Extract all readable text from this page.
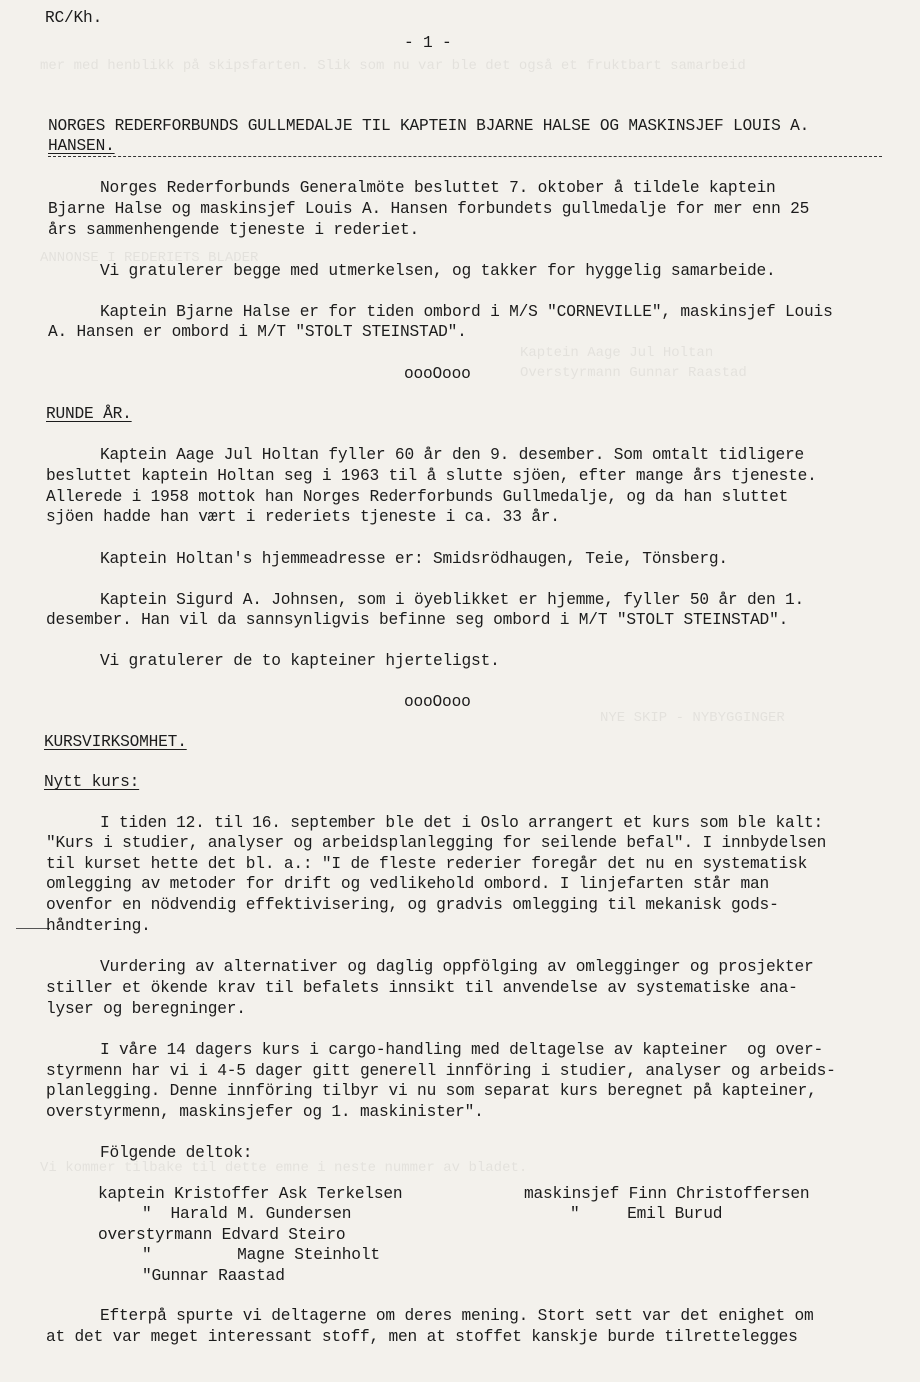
mer med henblikk på skipsfarten. Slik som nu var ble det også et fruktbart samarbeid
ANNONSE I REDERIETS BLADER
Kaptein Aage Jul Holtan
Overstyrmann Gunnar Raastad
NYE SKIP - NYBYGGINGER
Vi kommer tilbake til dette emne i neste nummer av bladet.
RC/Kh.
- 1 -
NORGES REDERFORBUNDS GULLMEDALJE TIL KAPTEIN BJARNE HALSE OG MASKINSJEF LOUIS A.
HANSEN.
Norges Rederforbunds Generalmöte besluttet 7. oktober å tildele kaptein
Bjarne Halse og maskinsjef Louis A. Hansen forbundets gullmedalje for mer enn 25
års sammenhengende tjeneste i rederiet.
Vi gratulerer begge med utmerkelsen, og takker for hyggelig samarbeide.
Kaptein Bjarne Halse er for tiden ombord i M/S "CORNEVILLE", maskinsjef Louis
A. Hansen er ombord i M/T "STOLT STEINSTAD".
oooOooo
RUNDE ÅR.
Kaptein Aage Jul Holtan fyller 60 år den 9. desember. Som omtalt tidligere
besluttet kaptein Holtan seg i 1963 til å slutte sjöen, efter mange års tjeneste.
Allerede i 1958 mottok han Norges Rederforbunds Gullmedalje, og da han sluttet
sjöen hadde han vært i rederiets tjeneste i ca. 33 år.
Kaptein Holtan's hjemmeadresse er: Smidsrödhaugen, Teie, Tönsberg.
Kaptein Sigurd A. Johnsen, som i öyeblikket er hjemme, fyller 50 år den 1.
desember. Han vil da sannsynligvis befinne seg ombord i M/T "STOLT STEINSTAD".
Vi gratulerer de to kapteiner hjerteligst.
oooOooo
KURSVIRKSOMHET.
Nytt kurs:
I tiden 12. til 16. september ble det i Oslo arrangert et kurs som ble kalt:
"Kurs i studier, analyser og arbeidsplanlegging for seilende befal". I innbydelsen
til kurset hette det bl. a.: "I de fleste rederier foregår det nu en systematisk
omlegging av metoder for drift og vedlikehold ombord. I linjefarten står man
ovenfor en nödvendig effektivisering, og gradvis omlegging til mekanisk gods-
håndtering.
Vurdering av alternativer og daglig oppfölging av omlegginger og prosjekter
stiller et ökende krav til befalets innsikt til anvendelse av systematiske ana-
lyser og beregninger.
I våre 14 dagers kurs i cargo-handling med deltagelse av kapteiner  og over-
styrmenn har vi i 4-5 dager gitt generell innföring i studier, analyser og arbeids-
planlegging. Denne innföring tilbyr vi nu som separat kurs beregnet på kapteiner,
overstyrmenn, maskinsjefer og 1. maskinister".
Fölgende deltok:
kaptein Kristoffer Ask Terkelsen
"  Harald M. Gundersen
overstyrmann Edvard Steiro
"         Magne Steinholt
"Gunnar Raastad
maskinsjef Finn Christoffersen
"     Emil Burud
Efterpå spurte vi deltagerne om deres mening. Stort sett var det enighet om
at det var meget interessant stoff, men at stoffet kanskje burde tilrettelegges
